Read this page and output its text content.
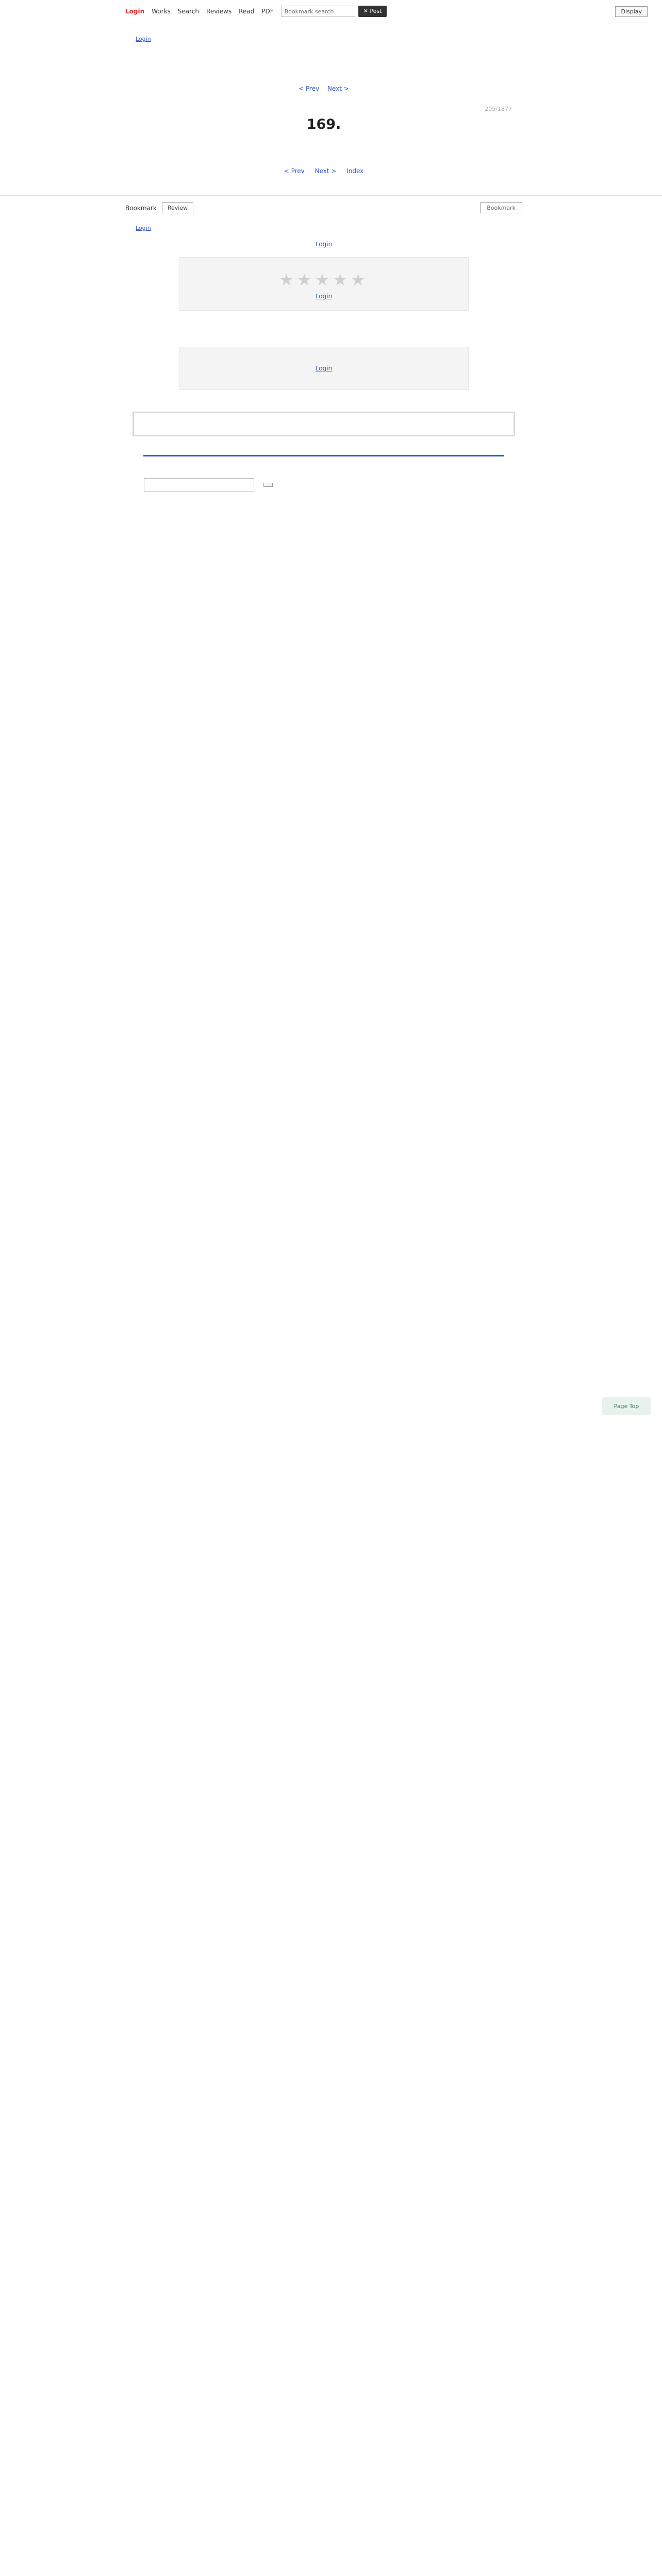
Login Works Search Reviews Read PDF
Bookmark search	✕ Post	Display
Login
< Prev Next >
205/1877
169.

< Prev Next > Index
Bookmark	Review	Bookmark
Login
Login
★★★★★
Login
Login
Page Top
